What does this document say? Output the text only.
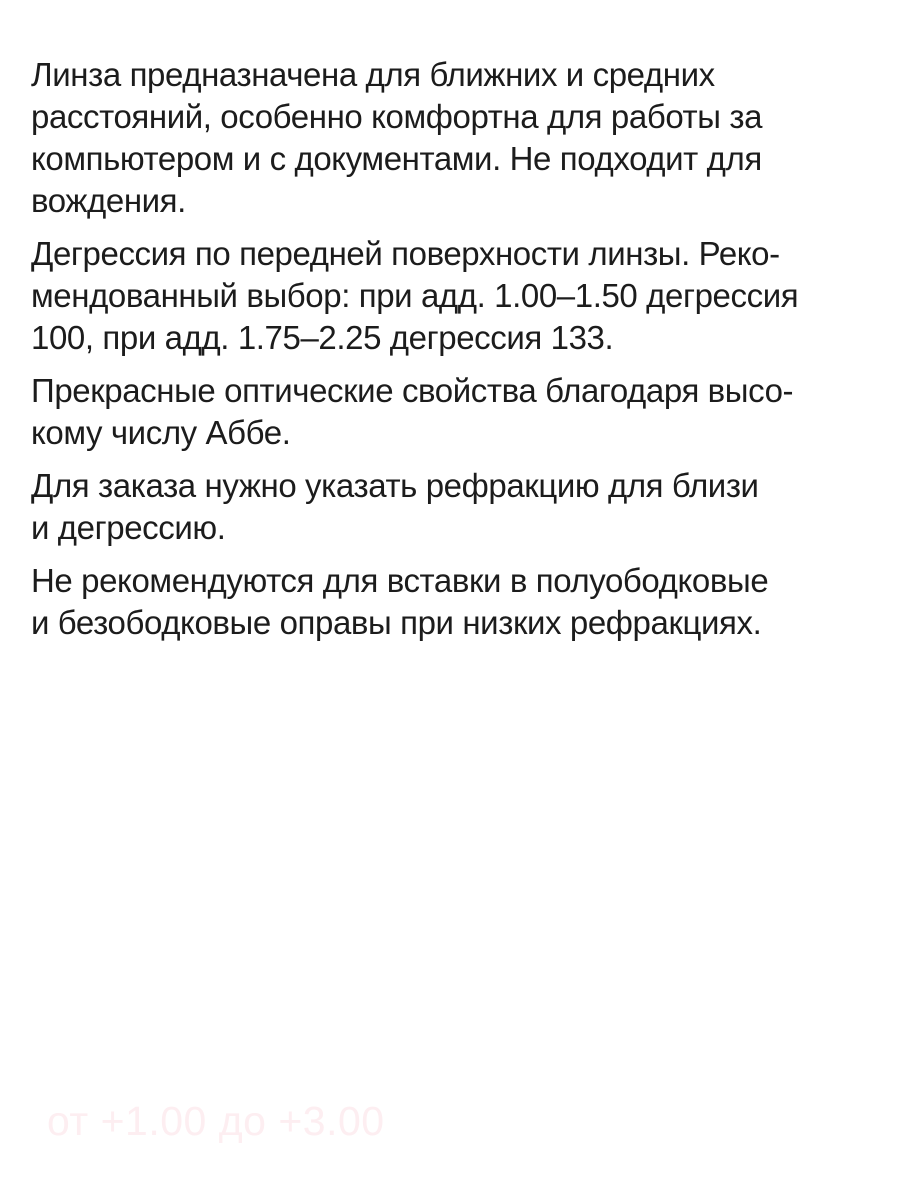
Линза предназначена для ближних и средних
расстояний, особенно комфортна для работы за
компьютером и с документами. Не подходит для
вождения.

Дегрессия по передней поверхности линзы. Реко-
мендованный выбор: при адд. 1.00–1.50 дегрессия
100, при адд. 1.75–2.25 дегрессия 133.

Прекрасные оптические свойства благодаря высо-
кому числу Аббе.

Для заказа нужно указать рефракцию для близи
и дегрессию.

Не рекомендуются для вставки в полуободковые
и безободковые оправы при низких рефракциях.

от +1.00 до +3.00
